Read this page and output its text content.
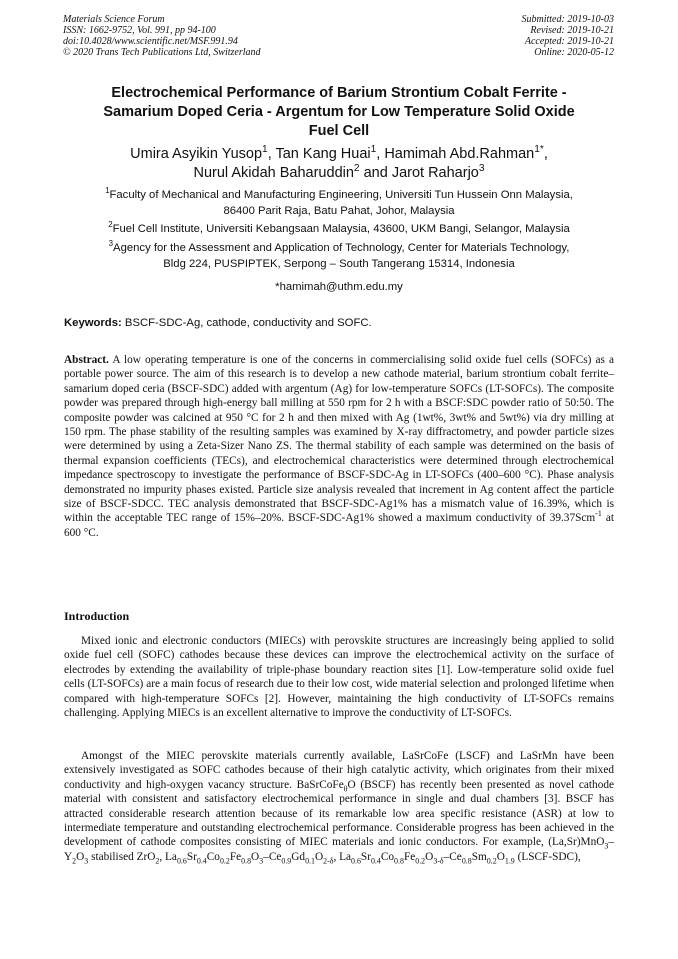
Materials Science Forum
ISSN: 1662-9752, Vol. 991, pp 94-100
doi:10.4028/www.scientific.net/MSF.991.94
© 2020 Trans Tech Publications Ltd, Switzerland
Submitted: 2019-10-03
Revised: 2019-10-21
Accepted: 2019-10-21
Online: 2020-05-12
Electrochemical Performance of Barium Strontium Cobalt Ferrite -
Samarium Doped Ceria - Argentum for Low Temperature Solid Oxide
Fuel Cell
Umira Asyikin Yusop$^1$, Tan Kang Huai$^1$, Hamimah Abd.Rahman$^{1*}$,
Nurul Akidah Baharuddin$^2$ and Jarot Raharjo$^3$
$^1$Faculty of Mechanical and Manufacturing Engineering, Universiti Tun Hussein Onn Malaysia,
86400 Parit Raja, Batu Pahat, Johor, Malaysia
$^2$Fuel Cell Institute, Universiti Kebangsaan Malaysia, 43600, UKM Bangi, Selangor, Malaysia
$^3$Agency for the Assessment and Application of Technology, Center for Materials Technology,
Bldg 224, PUSPIPTEK, Serpong – South Tangerang 15314, Indonesia
*hamimah@uthm.edu.my
Keywords: BSCF-SDC-Ag, cathode, conductivity and SOFC.
Abstract. A low operating temperature is one of the concerns in commercialising solid oxide fuel cells (SOFCs) as a portable power source. The aim of this research is to develop a new cathode material, barium strontium cobalt ferrite–samarium doped ceria (BSCF-SDC) added with argentum (Ag) for low-temperature SOFCs (LT-SOFCs). The composite powder was prepared through high-energy ball milling at 550 rpm for 2 h with a BSCF:SDC powder ratio of 50:50. The composite powder was calcined at 950 °C for 2 h and then mixed with Ag (1wt%, 3wt% and 5wt%) via dry milling at 150 rpm. The phase stability of the resulting samples was examined by X-ray diffractometry, and powder particle sizes were determined by using a Zeta-Sizer Nano ZS. The thermal stability of each sample was determined on the basis of thermal expansion coefficients (TECs), and electrochemical characteristics were determined through electrochemical impedance spectroscopy to investigate the performance of BSCF-SDC-Ag in LT-SOFCs (400–600 °C). Phase analysis demonstrated no impurity phases existed. Particle size analysis revealed that increment in Ag content affect the particle size of BSCF-SDCC. TEC analysis demonstrated that BSCF-SDC-Ag1% has a mismatch value of 16.39%, which is within the acceptable TEC range of 15%–20%. BSCF-SDC-Ag1% showed a maximum conductivity of 39.37Scm$^{-1}$ at 600 °C.
Introduction
Mixed ionic and electronic conductors (MIECs) with perovskite structures are increasingly being applied to solid oxide fuel cell (SOFC) cathodes because these devices can improve the electrochemical activity on the surface of electrodes by extending the availability of triple-phase boundary reaction sites [1]. Low-temperature solid oxide fuel cells (LT-SOFCs) are a main focus of research due to their low cost, wide material selection and prolonged lifetime when compared with high-temperature SOFCs [2]. However, maintaining the high conductivity of LT-SOFCs remains challenging. Applying MIECs is an excellent alternative to improve the conductivity of LT-SOFCs.
Amongst of the MIEC perovskite materials currently available, LaSrCoFe (LSCF) and LaSrMn have been extensively investigated as SOFC cathodes because of their high catalytic activity, which originates from their mixed conductivity and high-oxygen vacancy structure. BaSrCoFe$_\theta$O (BSCF) has recently been presented as novel cathode material with consistent and satisfactory electrochemical performance in single and dual chambers [3]. BSCF has attracted considerable research attention because of its remarkable low area specific resistance (ASR) at low to intermediate temperature and outstanding electrochemical performance. Considerable progress has been achieved in the development of cathode composites consisting of MIEC materials and ionic conductors. For example, $(La,Sr)MnO_3-Y_2O_3$ stabilised ZrO$_2$, $La_{0.6}Sr_{0.4}Co_{0.2}Fe_{0.8}O_3-Ce_{0.9}Gd_{0.1}O_{2-\delta}$, $La_{0.6}Sr_{0.4}Co_{0.8}Fe_{0.2}O_{3-\delta}-Ce_{0.8}Sm_{0.2}O_{1.9}$ (LSCF-SDC),
